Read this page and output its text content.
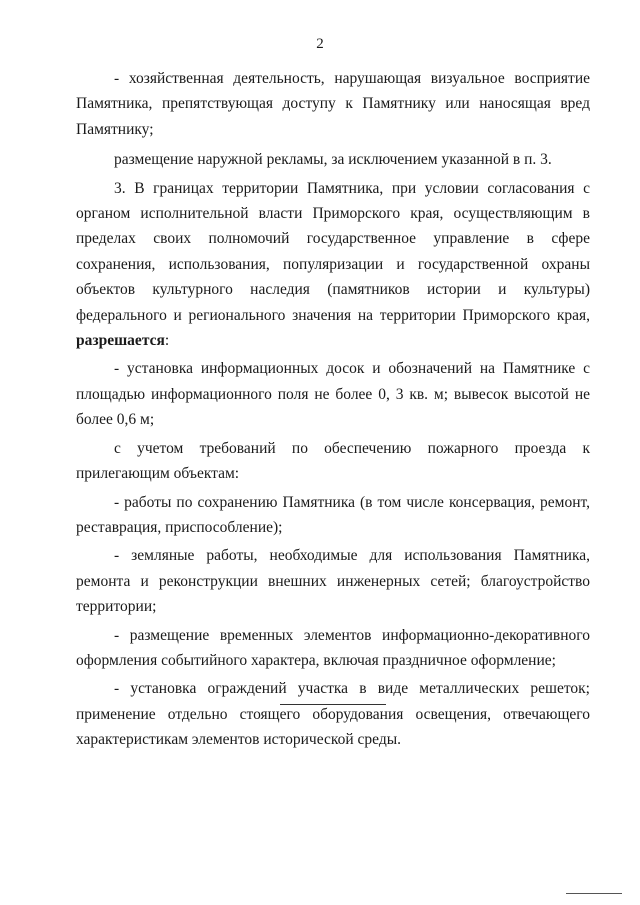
2

- хозяйственная деятельность, нарушающая визуальное восприятие Памятника, препятствующая доступу к Памятнику или наносящая вред Памятнику;

размещение наружной рекламы, за исключением указанной в п. 3.

3. В границах территории Памятника, при условии согласования с органом исполнительной власти Приморского края, осуществляющим в пределах своих полномочий государственное управление в сфере сохранения, использования, популяризации и государственной охраны объектов культурного наследия (памятников истории и культуры) федерального и регионального значения на территории Приморского края, разрешается:

- установка информационных досок и обозначений на Памятнике с площадью информационного поля не более 0, 3 кв. м; вывесок высотой не более 0,6 м;

с учетом требований по обеспечению пожарного проезда к прилегающим объектам:

- работы по сохранению Памятника (в том числе консервация, ремонт, реставрация, приспособление);

- земляные работы, необходимые для использования Памятника, ремонта и реконструкции внешних инженерных сетей; благоустройство территории;

- размещение временных элементов информационно-декоративного оформления событийного характера, включая праздничное оформление;

- установка ограждений участка в виде металлических решеток; применение отдельно стоящего оборудования освещения, отвечающего характеристикам элементов исторической среды.
